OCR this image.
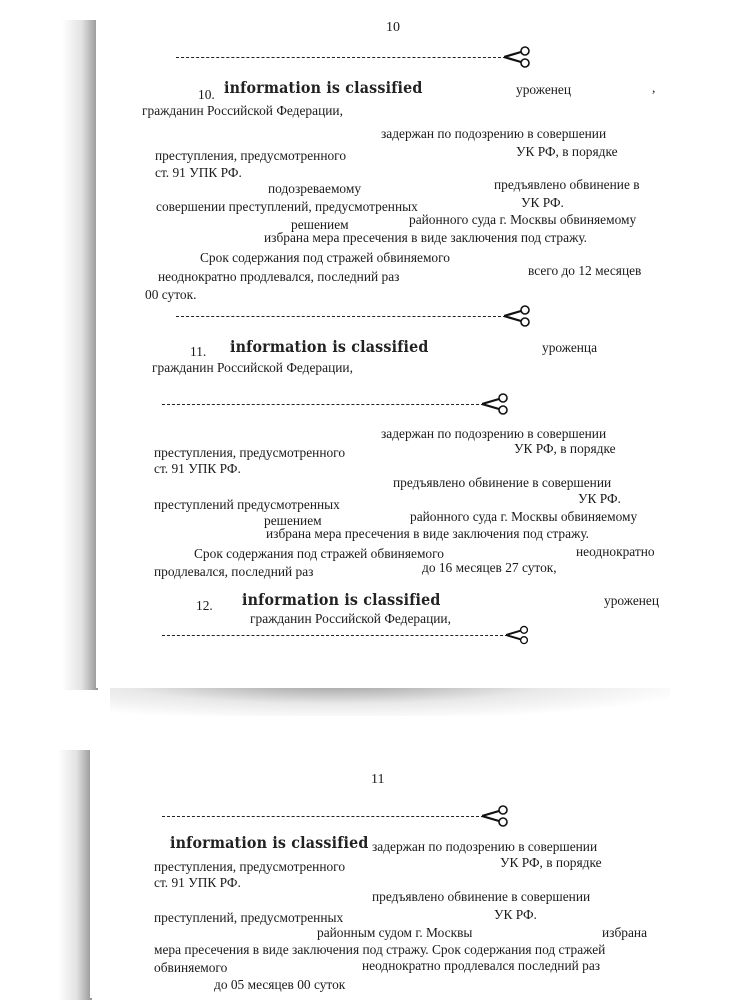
10
10. information is classified	уроженец	,
гражданин Российской Федерации,
задержан по подозрению в совершении
преступления, предусмотренного	УК РФ, в порядке
ст. 91 УПК РФ.
подозреваемому	предъявлено обвинение в
совершении преступлений, предусмотренных	УК РФ.
решением	районного суда г. Москвы обвиняемому
избрана мера пресечения в виде заключения под стражу.
Срок содержания под стражей обвиняемого
неоднократно продлевался, последний раз	всего до 12 месяцев
00 суток.
11. information is classified	уроженца
гражданин Российской Федерации,
задержан по подозрению в совершении
преступления, предусмотренного	УК РФ, в порядке
ст. 91 УПК РФ.
предъявлено обвинение в совершении
преступлений предусмотренных	УК РФ.
решением	районного суда г. Москвы обвиняемому
избрана мера пресечения в виде заключения под стражу.
Срок содержания под стражей обвиняемого	неоднократно
продлевался, последний раз	до 16 месяцев 27 суток,
12. information is classified	уроженец
гражданин Российской Федерации,
11
information is classified задержан по подозрению в совершении
преступления, предусмотренного	УК РФ, в порядке
ст. 91 УПК РФ.
предъявлено обвинение в совершении
преступлений, предусмотренных	УК РФ.
районным судом г. Москвы	избрана
мера пресечения в виде заключения под стражу. Срок содержания под стражей
обвиняемого	неоднократно продлевался последний раз
до 05 месяцев 00 суток
